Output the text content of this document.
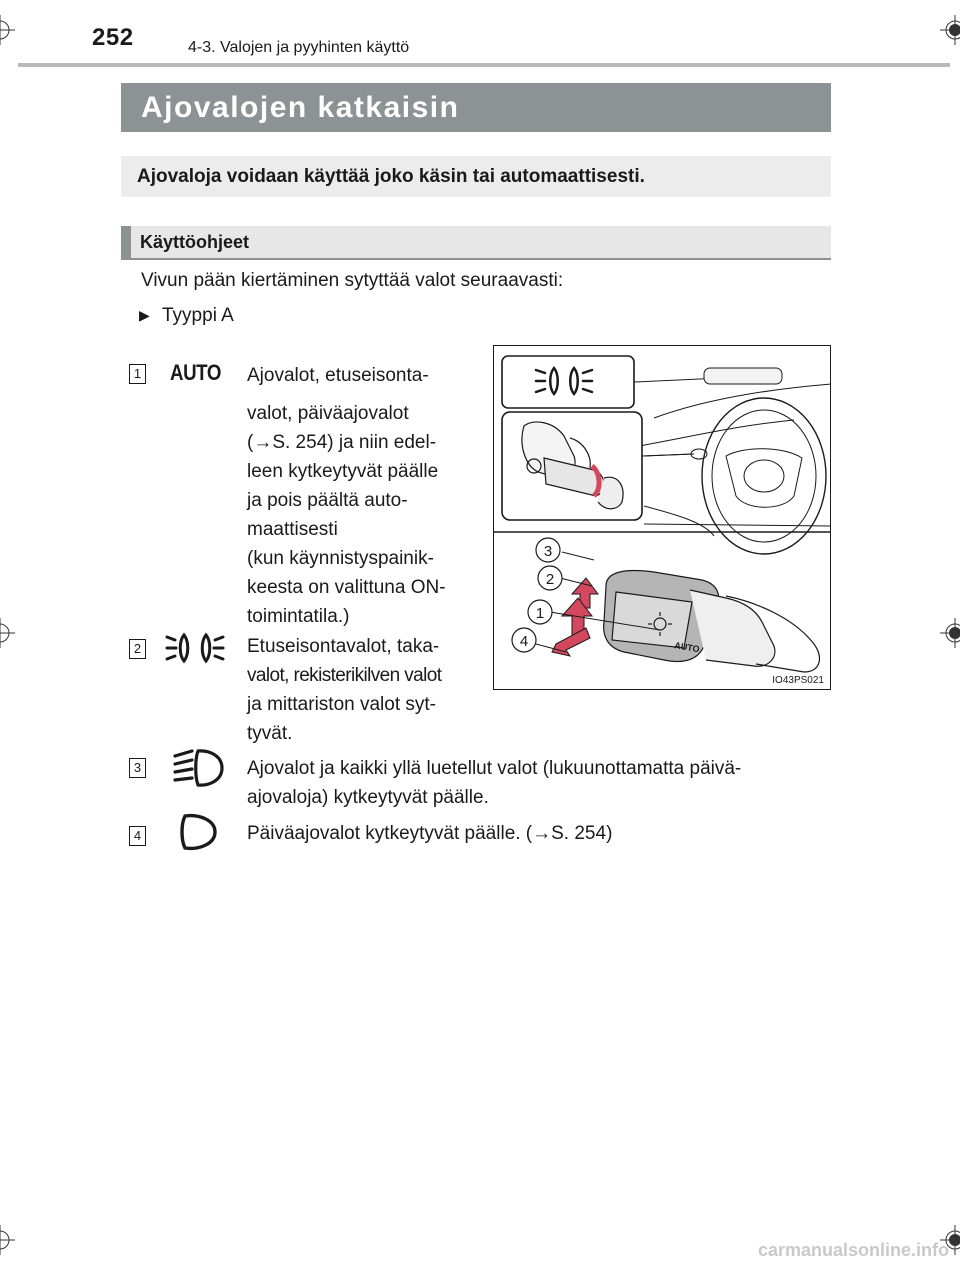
252	4-3. Valojen ja pyyhinten käyttö
Ajovalojen katkaisin
Ajovaloja voidaan käyttää joko käsin tai automaattisesti.
Käyttöohjeet
Vivun pään kiertäminen sytyttää valot seuraavasti:
▶ Tyyppi A
1 AUTO Ajovalot, etuseisonta-
valot, päiväajovalot
(→S. 254) ja niin edel-
leen kytkeytyvät päälle
ja pois päältä auto-
maattisesti
(kun käynnistyspainik-
keesta on valittuna ON-
toimintatila.)
2	Etuseisontavalot, taka-
valot, rekisterikilven valot
ja mittariston valot syt-
tyvät.
3	Ajovalot ja kaikki yllä luetellut valot (lukuunottamatta päivä-
ajovaloja) kytkeytyvät päälle.
4	Päiväajovalot kytkeytyvät päälle. (→S. 254)
AUTO
3
2
1
4
IO43PS021
carmanualsonline.info
